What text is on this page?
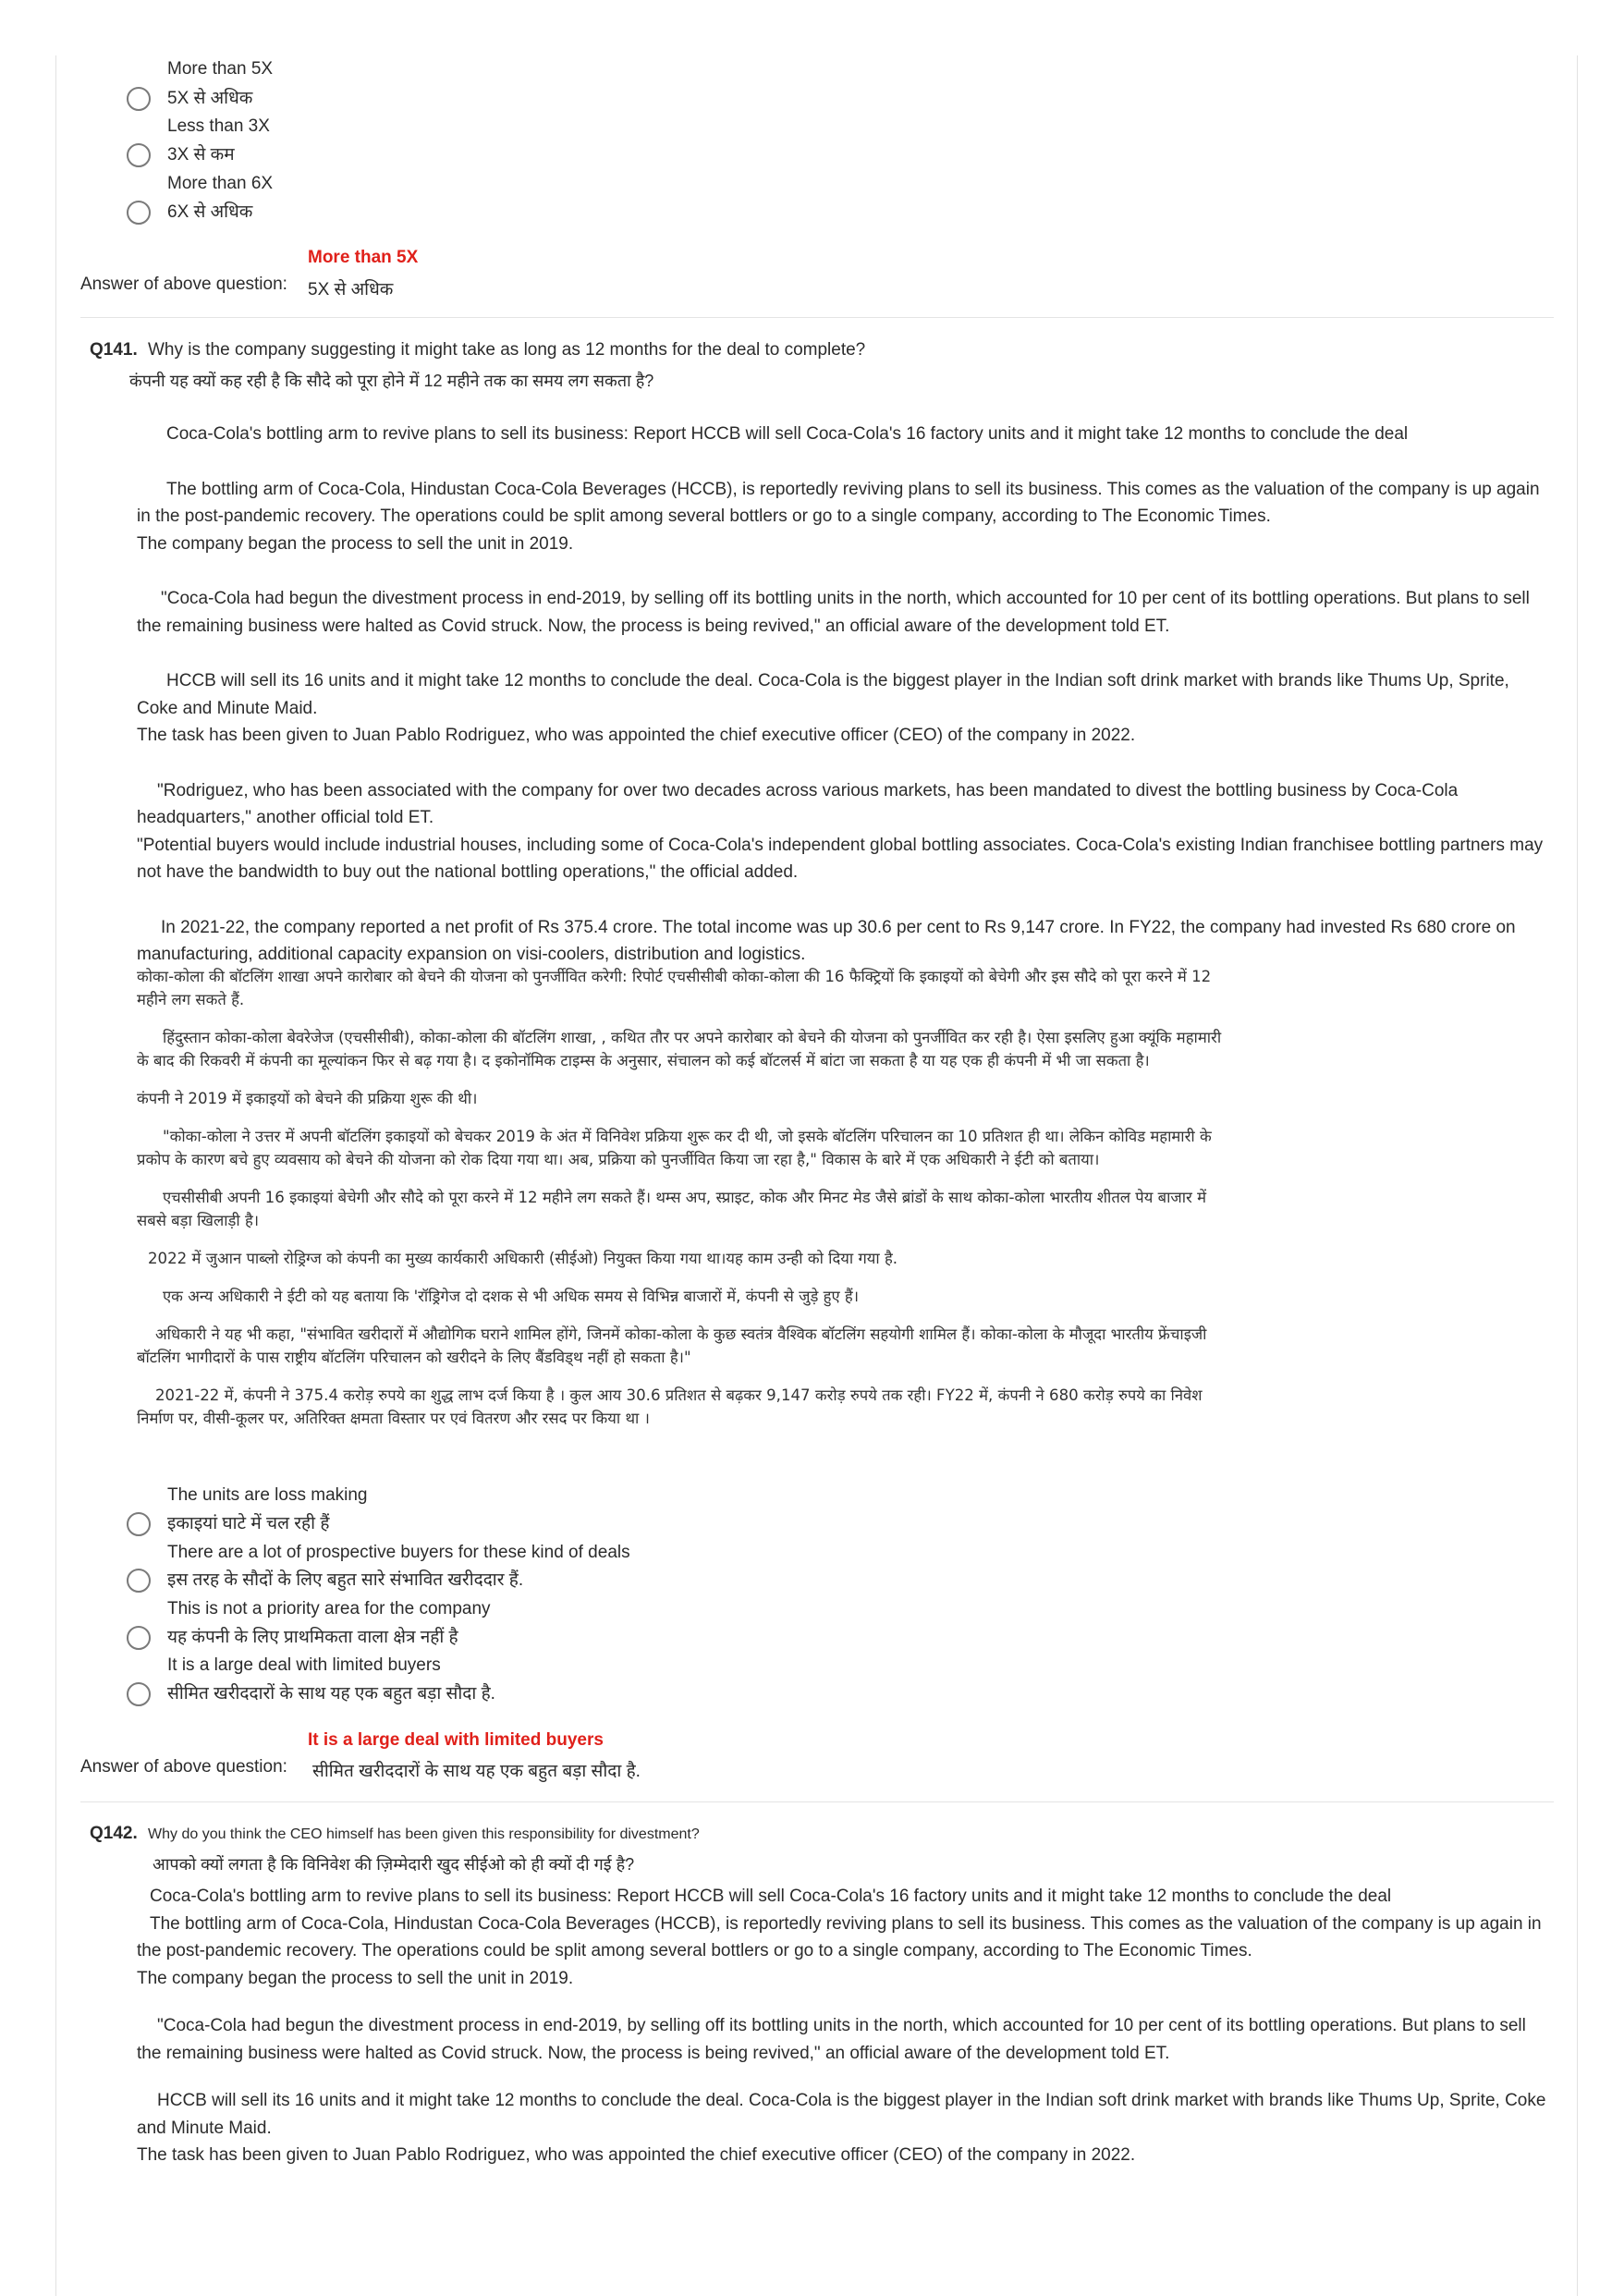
More than 5X
5X से अधिक
Less than 3X
3X से कम
More than 6X
6X से अधिक
More than 5X
Answer of above question: 5X से अधिक
Q141. Why is the company suggesting it might take as long as 12 months for the deal to complete?
कंपनी यह क्यों कह रही है कि सौदे को पूरा होने में 12 महीने तक का समय लग सकता है?

Coca-Cola's bottling arm to revive plans to sell its business: Report HCCB will sell Coca-Cola's 16 factory units and it might take 12 months to conclude the deal

The bottling arm of Coca-Cola, Hindustan Coca-Cola Beverages (HCCB), is reportedly reviving plans to sell its business. This comes as the valuation of the company is up again in the post-pandemic recovery. The operations could be split among several bottlers or go to a single company, according to The Economic Times.

The company began the process to sell the unit in 2019.

"Coca-Cola had begun the divestment process in end-2019, by selling off its bottling units in the north, which accounted for 10 per cent of its bottling operations. But plans to sell the remaining business were halted as Covid struck. Now, the process is being revived," an official aware of the development told ET.

HCCB will sell its 16 units and it might take 12 months to conclude the deal. Coca-Cola is the biggest player in the Indian soft drink market with brands like Thums Up, Sprite, Coke and Minute Maid.

The task has been given to Juan Pablo Rodriguez, who was appointed the chief executive officer (CEO) of the company in 2022.

"Rodriguez, who has been associated with the company for over two decades across various markets, has been mandated to divest the bottling business by Coca-Cola headquarters," another official told ET.

"Potential buyers would include industrial houses, including some of Coca-Cola's independent global bottling associates. Coca-Cola's existing Indian franchisee bottling partners may not have the bandwidth to buy out the national bottling operations," the official added.

In 2021-22, the company reported a net profit of Rs 375.4 crore. The total income was up 30.6 per cent to Rs 9,147 crore. In FY22, the company had invested Rs 680 crore on manufacturing, additional capacity expansion on visi-coolers, distribution and logistics.

कोका-कोला की बॉटलिंग शाखा अपने कारोबार को बेचने की योजना को पुनर्जीवित करेगी: रिपोर्ट एचसीसीबी कोका-कोला की 16 फैक्ट्रियों कि इकाइयों को बेचेगी और इस सौदे को पूरा करने में 12 महीने लग सकते हैं.

हिंदुस्तान कोका-कोला बेवरेजेज (एचसीसीबी), कोका-कोला की बॉटलिंग शाखा, , कथित तौर पर अपने कारोबार को बेचने की योजना को पुनर्जीवित कर रही है। ऐसा इसलिए हुआ क्यूंकि महामारी के बाद की रिकवरी में कंपनी का मूल्यांकन फिर से बढ़ गया है। द इकोनॉमिक टाइम्स के अनुसार, संचालन को कई बॉटलर्स में बांटा जा सकता है या यह एक ही कंपनी में भी जा सकता है।

कंपनी ने 2019 में इकाइयों को बेचने की प्रक्रिया शुरू की थी।

"कोका-कोला ने उत्तर में अपनी बॉटलिंग इकाइयों को बेचकर 2019 के अंत में विनिवेश प्रक्रिया शुरू कर दी थी, जो इसके बॉटलिंग परिचालन का 10 प्रतिशत ही था। लेकिन कोविड महामारी के प्रकोप के कारण बचे हुए व्यवसाय को बेचने की योजना को रोक दिया गया था। अब, प्रक्रिया को पुनर्जीवित किया जा रहा है," विकास के बारे में एक अधिकारी ने ईटी को बताया।

एचसीसीबी अपनी 16 इकाइयां बेचेगी और सौदे को पूरा करने में 12 महीने लग सकते हैं। थम्स अप, स्प्राइट, कोक और मिनट मेड जैसे ब्रांडों के साथ कोका-कोला भारतीय शीतल पेय बाजार में सबसे बड़ा खिलाड़ी है।

2022 में जुआन पाब्लो रोड्रिग्ज को कंपनी का मुख्य कार्यकारी अधिकारी (सीईओ) नियुक्त किया गया था।यह काम उन्ही को दिया गया है.

एक अन्य अधिकारी ने ईटी को यह बताया कि 'रॉड्रिगेज दो दशक से भी अधिक समय से विभिन्न बाजारों में, कंपनी से जुड़े हुए हैं।

अधिकारी ने यह भी कहा, "संभावित खरीदारों में औद्योगिक घराने शामिल होंगे, जिनमें कोका-कोला के कुछ स्वतंत्र वैश्विक बॉटलिंग सहयोगी शामिल हैं। कोका-कोला के मौजूदा भारतीय फ्रेंचाइजी बॉटलिंग भागीदारों के पास राष्ट्रीय बॉटलिंग परिचालन को खरीदने के लिए बैंडविड्थ नहीं हो सकता है।"

2021-22 में, कंपनी ने 375.4 करोड़ रुपये का शुद्ध लाभ दर्ज किया है । कुल आय 30.6 प्रतिशत से बढ़कर 9,147 करोड़ रुपये तक रही। FY22 में, कंपनी ने 680 करोड़ रुपये का निवेश निर्माण पर, वीसी-कूलर पर, अतिरिक्त क्षमता विस्तार पर एवं वितरण और रसद पर किया था ।

The units are loss making
इकाइयां घाटे में चल रही हैं
There are a lot of prospective buyers for these kind of deals
इस तरह के सौदों के लिए बहुत सारे संभावित खरीददार हैं.
This is not a priority area for the company
यह कंपनी के लिए प्राथमिकता वाला क्षेत्र नहीं है
It is a large deal with limited buyers
सीमित खरीददारों के साथ यह एक बहुत बड़ा सौदा है.
It is a large deal with limited buyers
Answer of above question: सीमित खरीददारों के साथ यह एक बहुत बड़ा सौदा है.
Q142. Why do you think the CEO himself has been given this responsibility for divestment?
आपको क्यों लगता है कि विनिवेश की ज़िम्मेदारी खुद सीईओ को ही क्यों दी गई है?

Coca-Cola's bottling arm to revive plans to sell its business: Report HCCB will sell Coca-Cola's 16 factory units and it might take 12 months to conclude the deal

The bottling arm of Coca-Cola, Hindustan Coca-Cola Beverages (HCCB), is reportedly reviving plans to sell its business. This comes as the valuation of the company is up again in the post-pandemic recovery. The operations could be split among several bottlers or go to a single company, according to The Economic Times.

The company began the process to sell the unit in 2019.

"Coca-Cola had begun the divestment process in end-2019, by selling off its bottling units in the north, which accounted for 10 per cent of its bottling operations. But plans to sell the remaining business were halted as Covid struck. Now, the process is being revived," an official aware of the development told ET.

HCCB will sell its 16 units and it might take 12 months to conclude the deal. Coca-Cola is the biggest player in the Indian soft drink market with brands like Thums Up, Sprite, Coke and Minute Maid.

The task has been given to Juan Pablo Rodriguez, who was appointed the chief executive officer (CEO) of the company in 2022.
